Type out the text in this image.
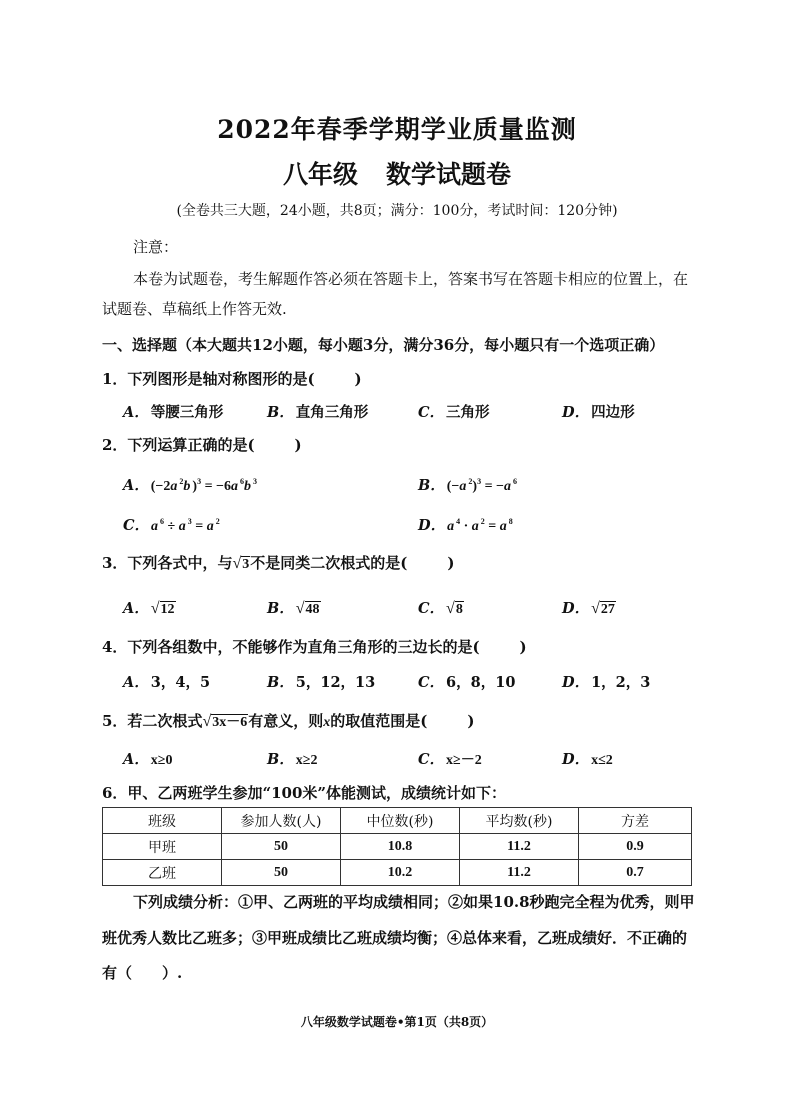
2022年春季学期学业质量监测
八年级 数学试题卷
(全卷共三大题，24小题，共8页；满分：100分，考试时间：120分钟)
注意：
本卷为试题卷，考生解题作答必须在答题卡上，答案书写在答题卡相应的位置上，在
试题卷、草稿纸上作答无效.
一、选择题（本大题共12小题，每小题3分，满分36分，每小题只有一个选项正确）
1．下列图形是轴对称图形的是(	)
A． 等腰三角形	B． 直角三角形	C． 三角形	D． 四边形
2．下列运算正确的是(	)
A． (−2a $^2$b )$^3$ = −6a $^6$b $^3$	B． (−a $^2$)$^3$ = −a $^6$
C． a $^6$ ÷ a $^3$ = a $^2$	D． a $^4$ · a $^2$ = a $^8$
3．下列各式中，与√3不是同类二次根式的是(	)
A． √12	B． √48	C． √8	D． √27
4．下列各组数中，不能够作为直角三角形的三边长的是(	)
A． 3，4，5	B． 5，12，13	C． 6，8，10	D． 1，2，3
5．若二次根式√3x－6有意义，则x的取值范围是(	)
A． x≥0	B． x≥2	C． x≥－2	D． x≤2
6．甲、乙两班学生参加“100米”体能测试，成绩统计如下：
班级	参加人数(人)	中位数(秒)	平均数(秒)	方差
甲班	50	10.8	11.2	0.9
乙班	50	10.2	11.2	0.7
下列成绩分析：①甲、乙两班的平均成绩相同；②如果10.8秒跑完全程为优秀，则甲
班优秀人数比乙班多；③甲班成绩比乙班成绩均衡；④总体来看，乙班成绩好．不正确的
有（　　）.
八年级数学试题卷•第1页（共8页）
